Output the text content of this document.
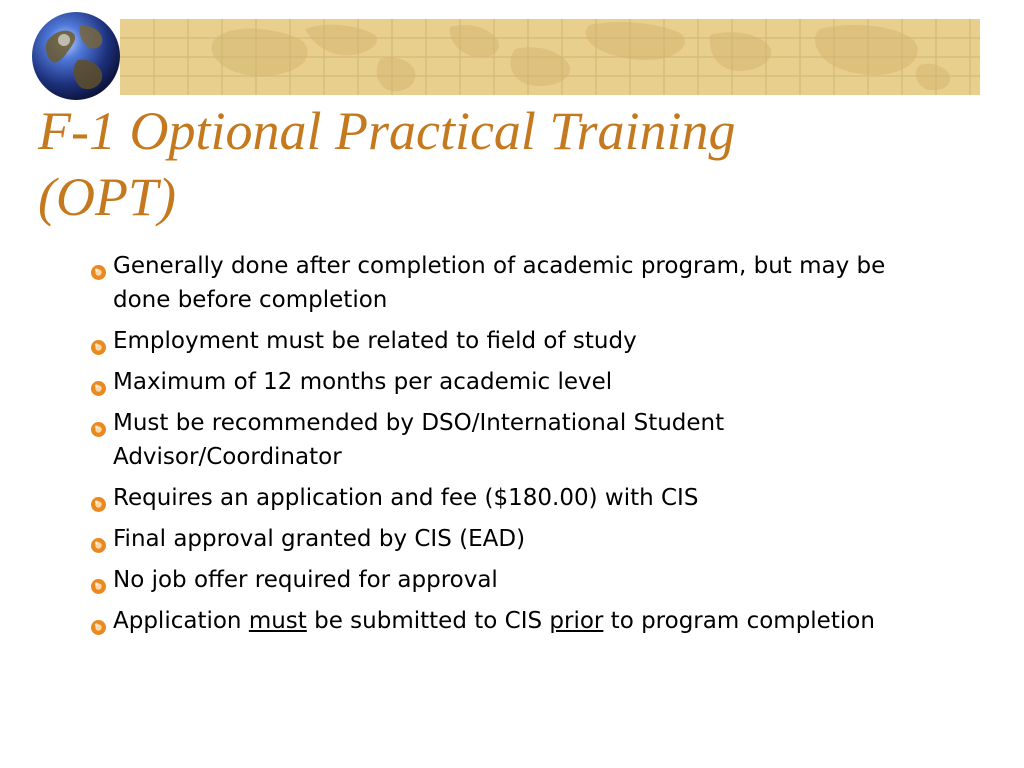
F-1 Optional Practical Training
(OPT)
Generally done after completion of academic program, but may be done before completion
Employment must be related to field of study
Maximum of 12 months per academic level
Must be recommended by DSO/International Student Advisor/Coordinator
Requires an application and fee ($180.00) with CIS
Final approval granted by CIS (EAD)
No job offer required for approval
Application must be submitted to CIS prior to program completion
